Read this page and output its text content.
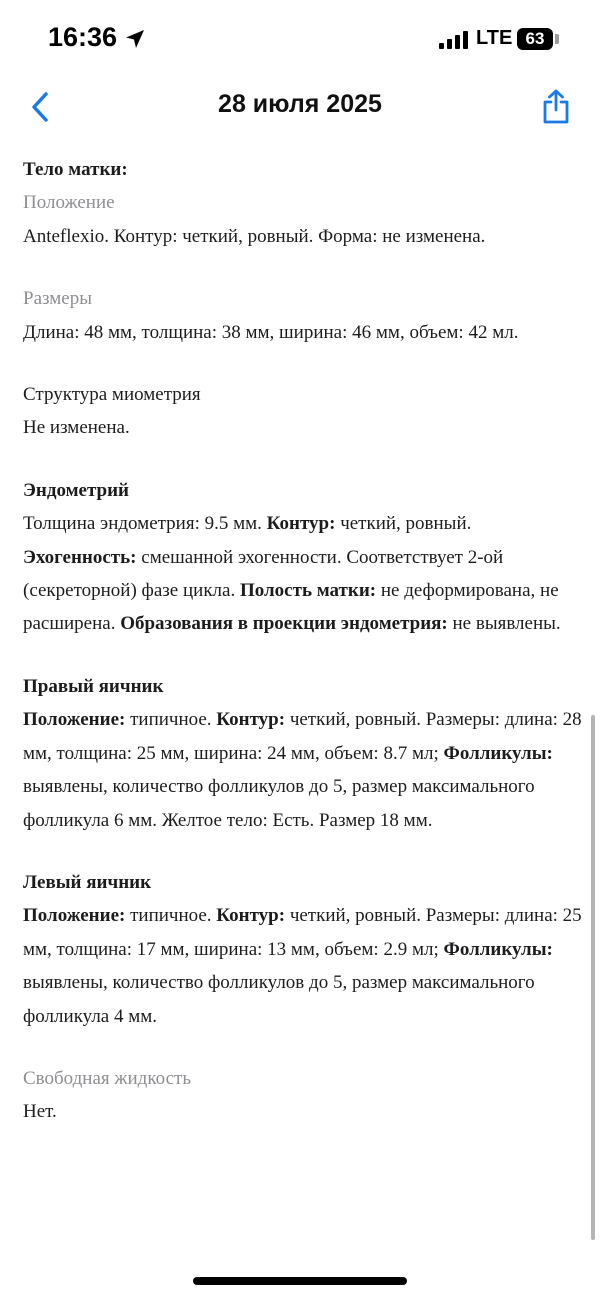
16:36	LTE 63
28 июля 2025
Тело матки:
Положение
Anteflexio. Контур: четкий, ровный. Форма: не изменена.
Размеры
Длина: 48 мм, толщина: 38 мм, ширина: 46 мм, объем: 42 мл.
Структура миометрия
Не изменена.
Эндометрий
Толщина эндометрия: 9.5 мм. Контур: четкий, ровный. Эхогенность: смешанной эхогенности. Соответствует 2-ой (секреторной) фазе цикла. Полость матки: не деформирована, не расширена. Образования в проекции эндометрия: не выявлены.
Правый яичник
Положение: типичное. Контур: четкий, ровный. Размеры: длина: 28 мм, толщина: 25 мм, ширина: 24 мм, объем: 8.7 мл; Фолликулы: выявлены, количество фолликулов до 5, размер максимального фолликула 6 мм. Желтое тело: Есть. Размер 18 мм.
Левый яичник
Положение: типичное. Контур: четкий, ровный. Размеры: длина: 25 мм, толщина: 17 мм, ширина: 13 мм, объем: 2.9 мл; Фолликулы: выявлены, количество фолликулов до 5, размер максимального фолликула 4 мм.
Свободная жидкость
Нет.
